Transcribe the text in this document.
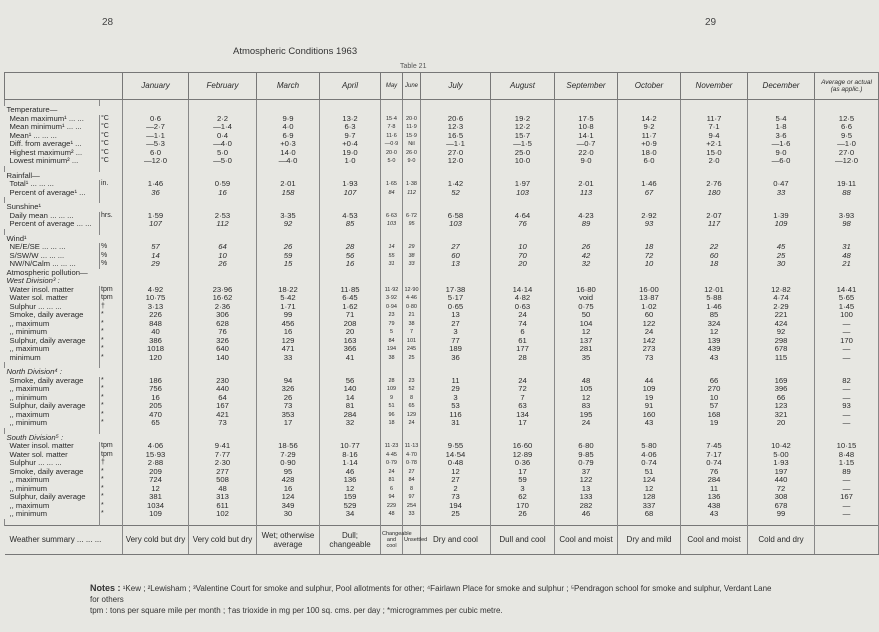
28	29
Atmospheric Conditions 1963
Table 21
		January	February	March	April	May	June	July	August	September	October	November	December	Average or actual (as applic.)

Temperature—														
Mean maximum¹ ... ...	°C	0·6	2·2	9·9	13·2	15·4	20·0	20·6	19·2	17·5	14·2	11·7	5·4	12·5
Mean minimum¹ ... ...	°C	—2·7	—1·4	4·0	6·3	7·8	11·9	12·3	12·2	10·8	9·2	7·1	1·8	6·6
Mean¹ ... ... ...	°C	—1·1	0·4	6·9	9·7	11·6	15·9	16·5	15·7	14·1	11·7	9·4	3·6	9·5
Diff. from average¹ ...	°C	—5·3	—4·0	+0·3	+0·4	—0·9	Nil	—1·1	—1·5	—0·7	+0·9	+2·1	—1·6	—1·0
Highest maximum² ...	°C	6·0	5·0	14·0	19·0	20·0	26·0	27·0	25·0	22·0	18·0	15·0	9·0	27·0
Lowest minimum² ...	°C	—12·0	—5·0	—4·0	1·0	5·0	9·0	12·0	10·0	9·0	6·0	2·0	—6·0	—12·0

Rainfall—														
Total¹ ... ... ...	in.	1·46	0·59	2·01	1·93	1·65	1·38	1·42	1·97	2·01	1·46	2·76	0·47	19·11
Percent of average¹ ...		36	16	158	107	84	112	52	103	113	67	180	33	88

Sunshine¹														
Daily mean ... ... ...	hrs.	1·59	2·53	3·35	4·53	6·63	6·72	6·58	4·64	4·23	2·92	2·07	1·39	3·93
Percent of average ... ...		107	112	92	85	103	95	103	76	89	93	117	109	98

Wind¹														
NE/E/SE ... ... ...	%	57	64	26	28	14	29	27	10	26	18	22	45	31
S/SW/W ... ... ...	%	14	10	59	56	55	38	60	70	42	72	60	25	48
NW/N/Calm ... ... ...	%	29	26	15	16	31	33	13	20	32	10	18	30	21
Atmospheric pollution—														
West Division³ :														
Water insol. matter	tpm	4·92	23·96	18·22	11·85	11·92	12·90	17·38	14·14	16·80	16·00	12·01	12·82	14·41
Water sol. matter	tpm	10·75	16·62	5·42	6·45	3·92	4·46	5·17	4·82	void	13·87	5·88	4·74	5·65
Sulphur ... ... ...	†	3·13	2·36	1·71	1·62	0·94	0·80	0·65	0·63	0·75	1·02	1·46	2·29	1·45
Smoke, daily average	*	226	306	99	71	23	21	13	24	50	60	85	221	100
,, maximum	*	848	628	456	208	79	38	27	74	104	122	324	424	—
,, minimum	*	40	76	16	20	5	7	3	6	12	24	12	92	—
Sulphur, daily average	*	386	326	129	163	84	101	77	61	137	142	139	298	170
,, maximum	*	1018	640	471	366	194	245	189	177	281	273	439	678	—
minimum	*	120	140	33	41	38	25	36	28	35	73	43	115	—

North Division⁴ :														
Smoke, daily average	*	186	230	94	56	28	23	11	24	48	44	66	169	82
,, maximum	*	756	440	326	140	109	52	29	72	105	109	270	396	—
,, minimum	*	16	64	26	14	9	8	3	7	12	19	10	66	—
Sulphur, daily average	*	205	167	73	81	51	65	53	63	83	91	57	123	93
,, maximum	*	470	421	353	284	96	129	116	134	195	160	168	321	—
,, minimum	*	65	73	17	32	18	24	31	17	24	43	19	20	—

South Division⁵ :														
Water insol. matter	tpm	4·06	9·41	18·56	10·77	11·23	11·13	9·55	16·60	6·80	5·80	7·45	10·42	10·15
Water sol. matter	tpm	15·93	7·77	7·29	8·16	4·45	4·70	14·54	12·89	9·85	4·06	7·17	5·00	8·48
Sulphur ... ... ...	†	2·88	2·30	0·90	1·14	0·79	0·78	0·48	0·36	0·79	0·74	0·74	1·93	1·15
Smoke, daily average	*	209	277	95	46	24	27	12	17	37	51	76	197	89
,, maximum	*	724	508	428	136	81	84	27	59	122	124	284	440	—
,, minimum	*	12	48	16	12	6	8	2	3	13	12	11	72	—
Sulphur, daily average	*	381	313	124	159	94	97	73	62	133	128	136	308	167
,, maximum	*	1034	611	349	529	229	254	194	170	282	337	438	678	—
,, minimum	*	109	102	30	34	48	33	25	26	46	68	43	99	—

Weather summary ... ... ...		Very cold but dry	Very cold but dry	Wet; otherwise average	Dull; changeable	Changeable and cool	Unsettled	Dry and cool	Dull and cool	Cool and moist	Dry and mild	Cool and moist	Cold and dry	
Notes : ¹Kew ; ²Lewisham ; ³Valentine Court for smoke and sulphur, Pool allotments for other; ⁴Fairlawn Place for smoke and sulphur ; ⁵Pendragon school for smoke and sulphur, Verdant Lane for others
tpm : tons per square mile per month ; †as trioxide in mg per 100 sq. cms. per day ; *microgrammes per cubic metre.
